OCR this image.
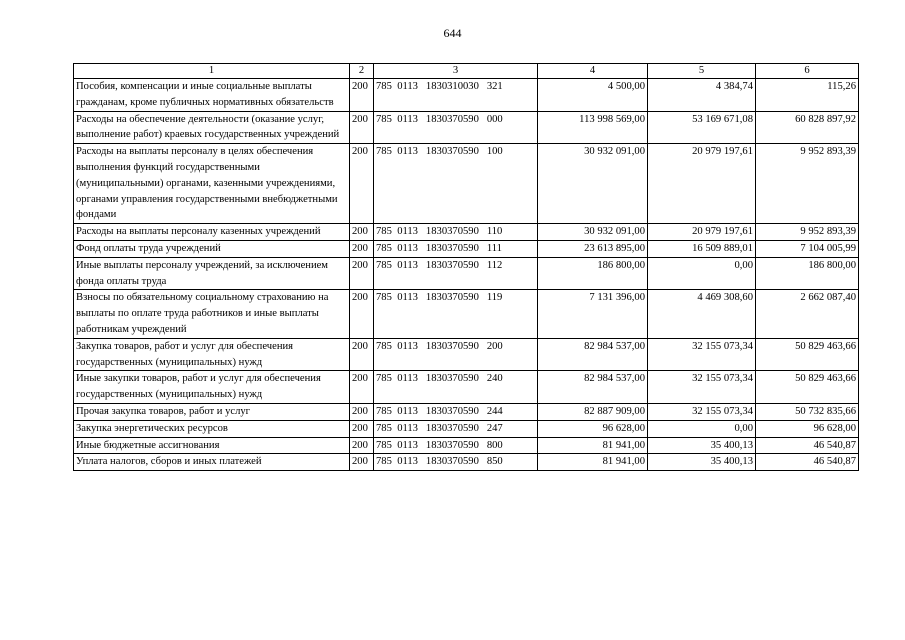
644
1	2	3	4	5	6
Пособия, компенсации и иные социальные выплаты гражданам, кроме публичных нормативных обязательств	200	785  0113   1830310030   321	4 500,00	4 384,74	115,26
Расходы на обеспечение деятельности (оказание услуг, выполнение работ) краевых государственных учреждений	200	785  0113   1830370590   000	113 998 569,00	53 169 671,08	60 828 897,92
Расходы на выплаты персоналу в целях обеспечения выполнения функций государственными (муниципальными) органами, казенными учреждениями, органами управления государственными внебюджетными фондами	200	785  0113   1830370590   100	30 932 091,00	20 979 197,61	9 952 893,39
Расходы на выплаты персоналу казенных учреждений	200	785  0113   1830370590   110	30 932 091,00	20 979 197,61	9 952 893,39
Фонд оплаты труда учреждений	200	785  0113   1830370590   111	23 613 895,00	16 509 889,01	7 104 005,99
Иные выплаты персоналу учреждений, за исключением фонда оплаты труда	200	785  0113   1830370590   112	186 800,00	0,00	186 800,00
Взносы по обязательному социальному страхованию на выплаты по оплате труда работников и иные выплаты работникам учреждений	200	785  0113   1830370590   119	7 131 396,00	4 469 308,60	2 662 087,40
Закупка товаров, работ и услуг для обеспечения государственных (муниципальных) нужд	200	785  0113   1830370590   200	82 984 537,00	32 155 073,34	50 829 463,66
Иные закупки товаров, работ и услуг для обеспечения государственных (муниципальных) нужд	200	785  0113   1830370590   240	82 984 537,00	32 155 073,34	50 829 463,66
Прочая закупка товаров, работ и услуг	200	785  0113   1830370590   244	82 887 909,00	32 155 073,34	50 732 835,66
Закупка энергетических ресурсов	200	785  0113   1830370590   247	96 628,00	0,00	96 628,00
Иные бюджетные ассигнования	200	785  0113   1830370590   800	81 941,00	35 400,13	46 540,87
Уплата налогов, сборов и иных платежей	200	785  0113   1830370590   850	81 941,00	35 400,13	46 540,87
